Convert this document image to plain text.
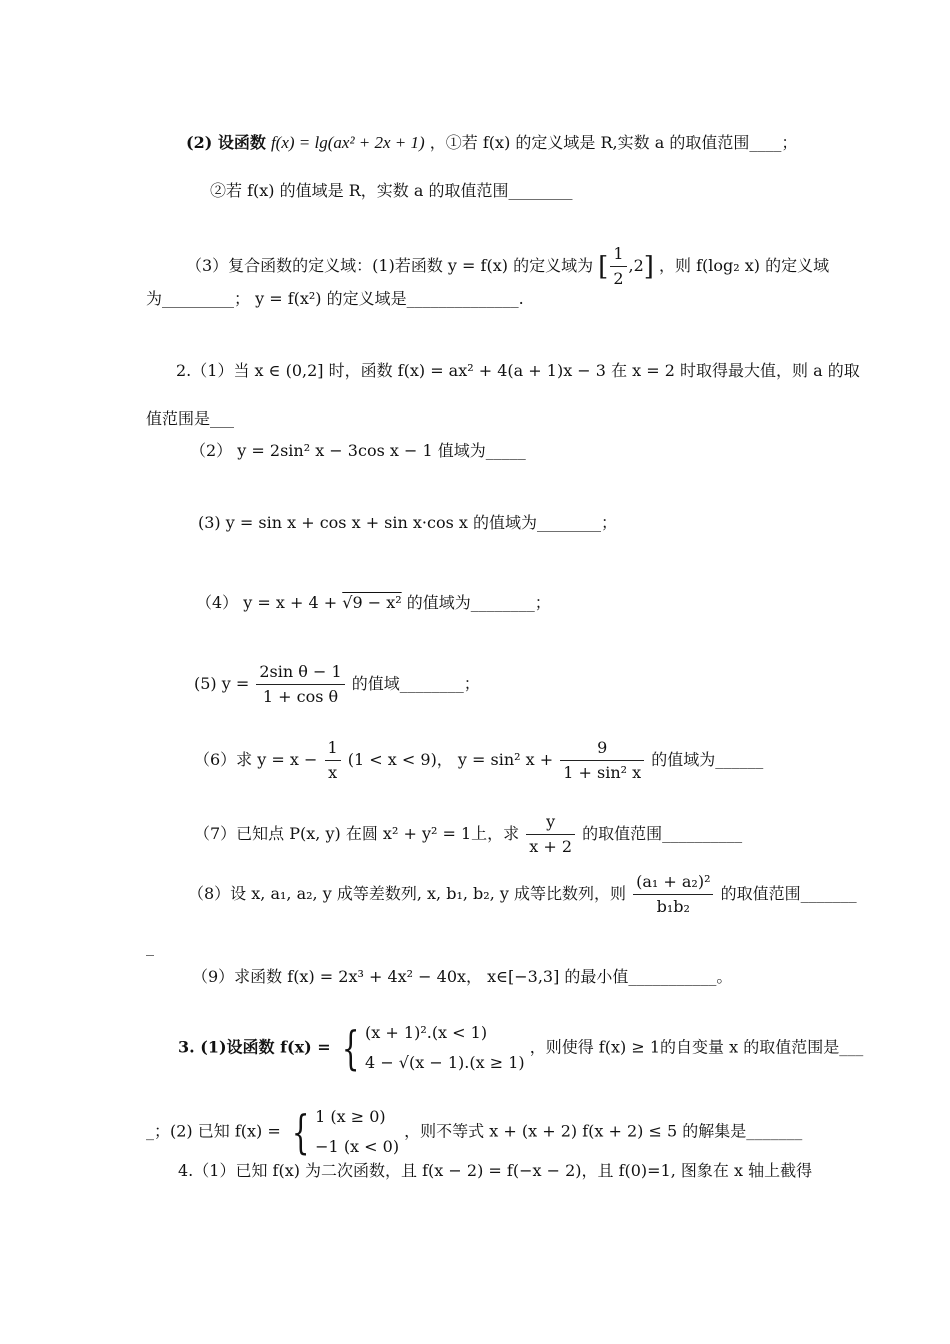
(2) 设函数 f(x) = lg(ax² + 2x + 1) ，①若 f(x) 的定义域是 R,实数 a 的取值范围____；
②若 f(x) 的值域是 R，实数 a 的取值范围________
（3）复合函数的定义域：(1)若函数 y = f(x) 的定义域为 [ $\frac{1}{2} ,2$] ，则 f(log₂ x) 的定义域
为_________； y = f(x²) 的定义域是______________.
2.（1）当 x ∈ (0,2] 时，函数 f(x) = ax² + 4(a + 1)x − 3 在 x = 2 时取得最大值，则 a 的取
值范围是___
（2） y = 2sin² x − 3cos x − 1 值域为_____
(3) y = sin x + cos x + sin x·cos x 的值域为________；
（4） y = x + 4 + √9 − x² 的值域为________；
(5) $y = \frac{\text{2sin θ − 1}}{\text{1 + cos θ}}$ 的值域________；
（6）求 $y = x - \frac{1}{x} (1 < x < 9)$， y = sin² $x + \frac{9}{\text{1 + sin² x}}$ 的值域为______
（7）已知点 P(x, y) 在圆 x² + y² = 1上，求 $\frac{y}{x + 2}$ 的取值范围__________
（8）设 x, a₁, a₂, y 成等差数列, x, b₁, b₂, y 成等比数列，则 $\frac{\text{(a₁ + a₂)²}}{\text{b₁b₂}}$ 的取值范围_______
_
（9）求函数 f(x) = 2x³ + 4x² − 40x， x∈[−3,3] 的最小值___________。
3. (1)设函数 f(x) = { (x + 1)².(x < 1)
4 − √(x − 1).(x ≥ 1)
，则使得 f(x) ≥ 1的自变量 x 的取值范围是___
_；(2) 已知 f(x) = { 1 (x ≥ 0)
−1 (x < 0)
，则不等式 x + (x + 2) f(x + 2) ≤ 5 的解集是_______
4.（1）已知 f(x) 为二次函数，且 f(x − 2) = f(−x − 2)，且 f(0)=1, 图象在 x 轴上截得
